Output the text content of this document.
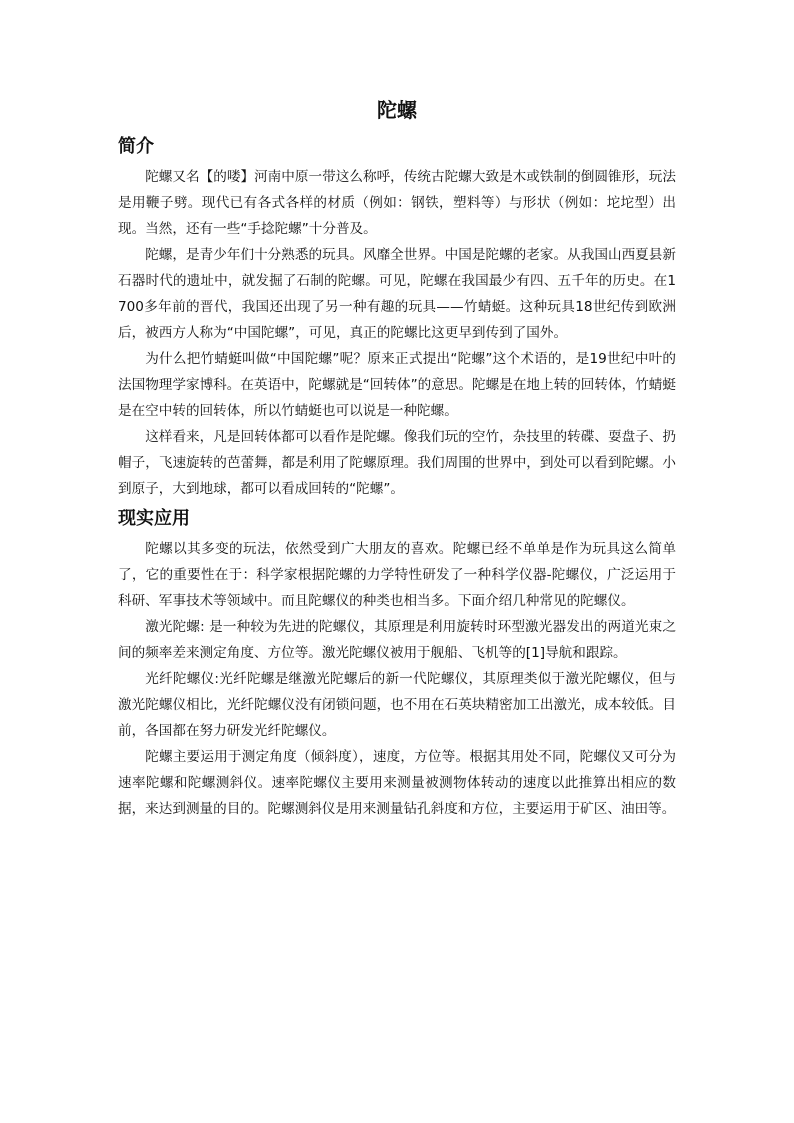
陀螺
简介

陀螺又名【的喽】河南中原一带这么称呼，传统古陀螺大致是木或铁制的倒圆锥形，玩法是用鞭子劈。现代已有各式各样的材质（例如：钢铁，塑料等）与形状（例如：坨坨型）出现。当然，还有一些“手捻陀螺”十分普及。

陀螺，是青少年们十分熟悉的玩具。风靡全世界。中国是陀螺的老家。从我国山西夏县新石器时代的遗址中，就发掘了石制的陀螺。可见，陀螺在我国最少有四、五千年的历史。在1700多年前的晋代，我国还出现了另一种有趣的玩具——竹蜻蜓。这种玩具18世纪传到欧洲后，被西方人称为“中国陀螺”，可见，真正的陀螺比这更早到传到了国外。

为什么把竹蜻蜓叫做“中国陀螺”呢？原来正式提出“陀螺”这个术语的，是19世纪中叶的法国物理学家博科。在英语中，陀螺就是“回转体”的意思。陀螺是在地上转的回转体，竹蜻蜓是在空中转的回转体，所以竹蜻蜓也可以说是一种陀螺。

这样看来，凡是回转体都可以看作是陀螺。像我们玩的空竹，杂技里的转碟、耍盘子、扔帽子，飞速旋转的芭蕾舞，都是利用了陀螺原理。我们周围的世界中，到处可以看到陀螺。小到原子，大到地球，都可以看成回转的“陀螺”。

现实应用

陀螺以其多变的玩法，依然受到广大朋友的喜欢。陀螺已经不单单是作为玩具这么简单了，它的重要性在于：科学家根据陀螺的力学特性研发了一种科学仪器-陀螺仪，广泛运用于科研、军事技术等领域中。而且陀螺仪的种类也相当多。下面介绍几种常见的陀螺仪。

激光陀螺: 是一种较为先进的陀螺仪，其原理是利用旋转时环型激光器发出的两道光束之间的频率差来测定角度、方位等。激光陀螺仪被用于舰船、飞机等的[1]导航和跟踪。

光纤陀螺仪:光纤陀螺是继激光陀螺后的新一代陀螺仪，其原理类似于激光陀螺仪，但与激光陀螺仪相比，光纤陀螺仪没有闭锁问题，也不用在石英块精密加工出激光，成本较低。目前，各国都在努力研发光纤陀螺仪。

陀螺主要运用于测定角度（倾斜度），速度，方位等。根据其用处不同，陀螺仪又可分为速率陀螺和陀螺测斜仪。速率陀螺仪主要用来测量被测物体转动的速度以此推算出相应的数据，来达到测量的目的。陀螺测斜仪是用来测量钻孔斜度和方位，主要运用于矿区、油田等。
